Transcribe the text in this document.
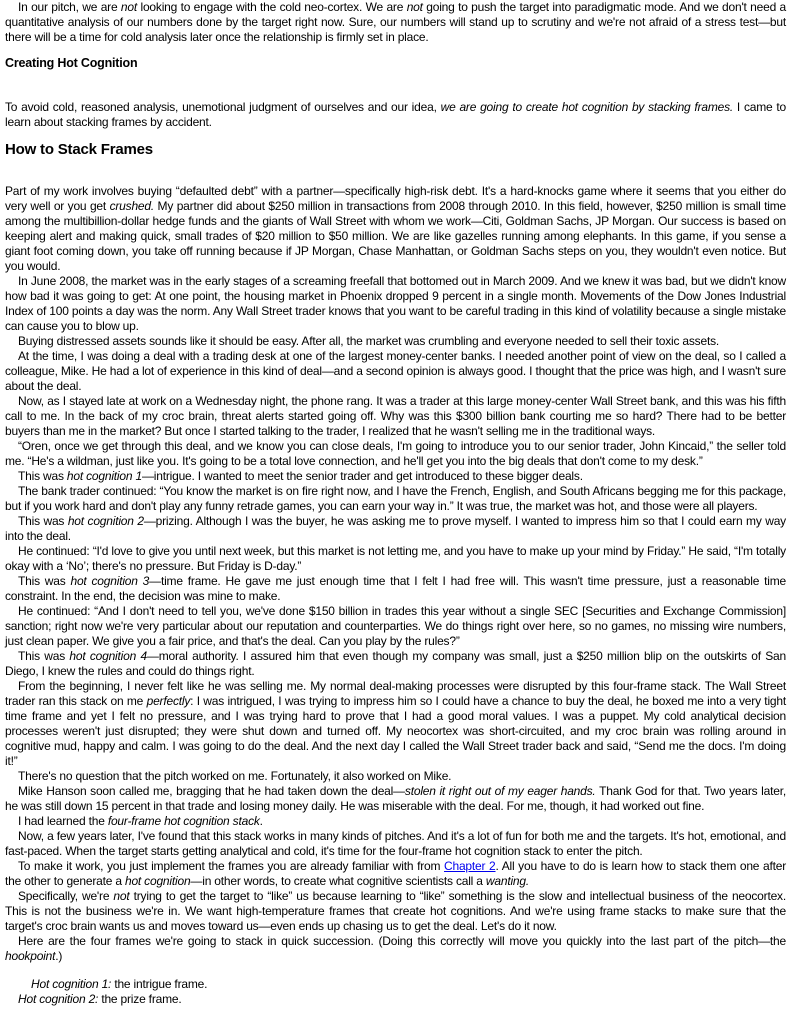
In our pitch, we are not looking to engage with the cold neo-cortex. We are not going to push the target into paradigmatic mode. And we don't need a quantitative analysis of our numbers done by the target right now. Sure, our numbers will stand up to scrutiny and we're not afraid of a stress test—but there will be a time for cold analysis later once the relationship is firmly set in place.

Creating Hot Cognition

To avoid cold, reasoned analysis, unemotional judgment of ourselves and our idea, we are going to create hot cognition by stacking frames. I came to learn about stacking frames by accident.

How to Stack Frames

Part of my work involves buying “defaulted debt” with a partner—specifically high-risk debt. It's a hard-knocks game where it seems that you either do very well or you get crushed. My partner did about $250 million in transactions from 2008 through 2010. In this field, however, $250 million is small time among the multibillion-dollar hedge funds and the giants of Wall Street with whom we work—Citi, Goldman Sachs, JP Morgan. Our success is based on keeping alert and making quick, small trades of $20 million to $50 million. We are like gazelles running among elephants. In this game, if you sense a giant foot coming down, you take off running because if JP Morgan, Chase Manhattan, or Goldman Sachs steps on you, they wouldn't even notice. But you would.

In June 2008, the market was in the early stages of a screaming freefall that bottomed out in March 2009. And we knew it was bad, but we didn't know how bad it was going to get: At one point, the housing market in Phoenix dropped 9 percent in a single month. Movements of the Dow Jones Industrial Index of 100 points a day was the norm. Any Wall Street trader knows that you want to be careful trading in this kind of volatility because a single mistake can cause you to blow up.

Buying distressed assets sounds like it should be easy. After all, the market was crumbling and everyone needed to sell their toxic assets.

At the time, I was doing a deal with a trading desk at one of the largest money-center banks. I needed another point of view on the deal, so I called a colleague, Mike. He had a lot of experience in this kind of deal—and a second opinion is always good. I thought that the price was high, and I wasn't sure about the deal.

Now, as I stayed late at work on a Wednesday night, the phone rang. It was a trader at this large money-center Wall Street bank, and this was his fifth call to me. In the back of my croc brain, threat alerts started going off. Why was this $300 billion bank courting me so hard? There had to be better buyers than me in the market? But once I started talking to the trader, I realized that he wasn't selling me in the traditional ways.

“Oren, once we get through this deal, and we know you can close deals, I'm going to introduce you to our senior trader, John Kincaid,” the seller told me. “He's a wildman, just like you. It's going to be a total love connection, and he'll get you into the big deals that don't come to my desk.”

This was hot cognition 1—intrigue. I wanted to meet the senior trader and get introduced to these bigger deals.

The bank trader continued: “You know the market is on fire right now, and I have the French, English, and South Africans begging me for this package, but if you work hard and don't play any funny retrade games, you can earn your way in.” It was true, the market was hot, and those were all players.

This was hot cognition 2—prizing. Although I was the buyer, he was asking me to prove myself. I wanted to impress him so that I could earn my way into the deal.

He continued: “I'd love to give you until next week, but this market is not letting me, and you have to make up your mind by Friday.” He said, “I'm totally okay with a ‘No’; there's no pressure. But Friday is D-day.”

This was hot cognition 3—time frame. He gave me just enough time that I felt I had free will. This wasn't time pressure, just a reasonable time constraint. In the end, the decision was mine to make.

He continued: “And I don't need to tell you, we've done $150 billion in trades this year without a single SEC [Securities and Exchange Commission] sanction; right now we're very particular about our reputation and counterparties. We do things right over here, so no games, no missing wire numbers, just clean paper. We give you a fair price, and that's the deal. Can you play by the rules?”

This was hot cognition 4—moral authority. I assured him that even though my company was small, just a $250 million blip on the outskirts of San Diego, I knew the rules and could do things right.

From the beginning, I never felt like he was selling me. My normal deal-making processes were disrupted by this four-frame stack. The Wall Street trader ran this stack on me perfectly: I was intrigued, I was trying to impress him so I could have a chance to buy the deal, he boxed me into a very tight time frame and yet I felt no pressure, and I was trying hard to prove that I had a good moral values. I was a puppet. My cold analytical decision processes weren't just disrupted; they were shut down and turned off. My neocortex was short-circuited, and my croc brain was rolling around in cognitive mud, happy and calm. I was going to do the deal. And the next day I called the Wall Street trader back and said, “Send me the docs. I'm doing it!”

There's no question that the pitch worked on me. Fortunately, it also worked on Mike.

Mike Hanson soon called me, bragging that he had taken down the deal—stolen it right out of my eager hands. Thank God for that. Two years later, he was still down 15 percent in that trade and losing money daily. He was miserable with the deal. For me, though, it had worked out fine.

I had learned the four-frame hot cognition stack.

Now, a few years later, I've found that this stack works in many kinds of pitches. And it's a lot of fun for both me and the targets. It's hot, emotional, and fast-paced. When the target starts getting analytical and cold, it's time for the four-frame hot cognition stack to enter the pitch.

To make it work, you just implement the frames you are already familiar with from Chapter 2. All you have to do is learn how to stack them one after the other to generate a hot cognition—in other words, to create what cognitive scientists call a wanting.

Specifically, we're not trying to get the target to “like” us because learning to “like” something is the slow and intellectual business of the neocortex. This is not the business we're in. We want high-temperature frames that create hot cognitions. And we're using frame stacks to make sure that the target's croc brain wants us and moves toward us—even ends up chasing us to get the deal. Let's do it now.

Here are the four frames we're going to stack in quick succession. (Doing this correctly will move you quickly into the last part of the pitch—the hookpoint.)

Hot cognition 1: the intrigue frame.
Hot cognition 2: the prize frame.
